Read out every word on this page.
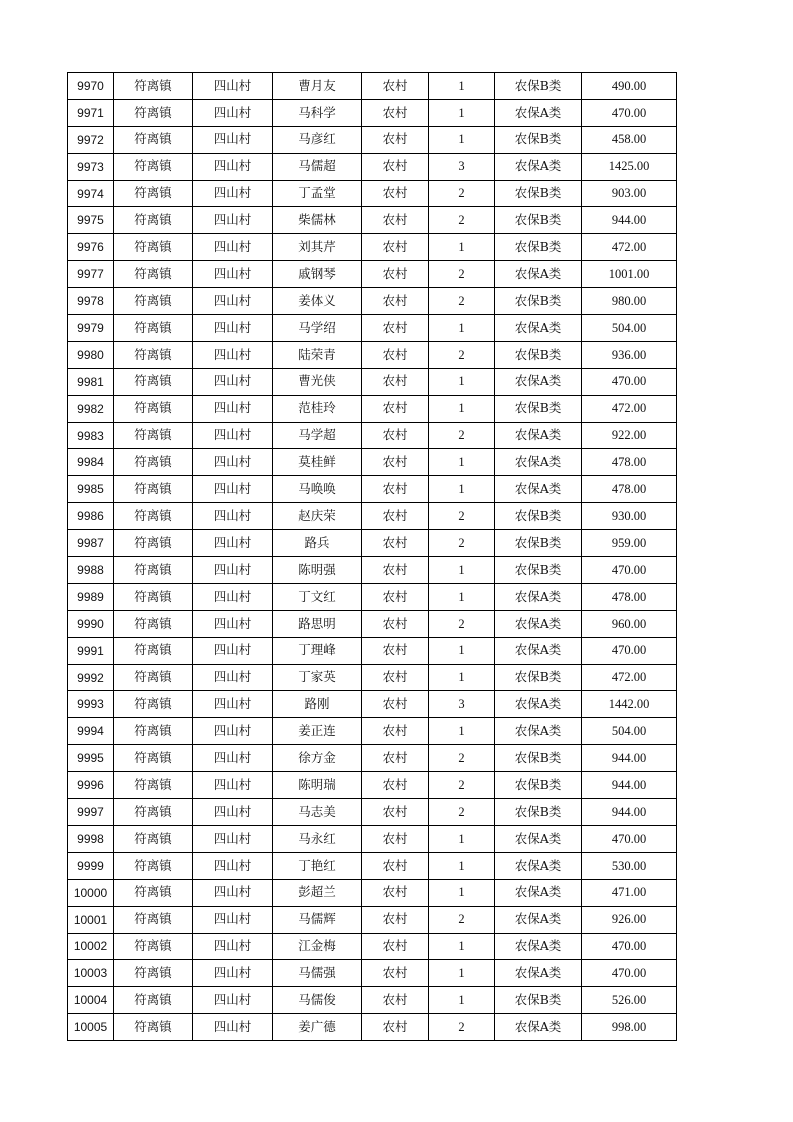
9970	符离镇	四山村	曹月友	农村	1	农保B类	490.00
9971	符离镇	四山村	马科学	农村	1	农保A类	470.00
9972	符离镇	四山村	马彦红	农村	1	农保B类	458.00
9973	符离镇	四山村	马儒超	农村	3	农保A类	1425.00
9974	符离镇	四山村	丁孟堂	农村	2	农保B类	903.00
9975	符离镇	四山村	柴儒林	农村	2	农保B类	944.00
9976	符离镇	四山村	刘其芹	农村	1	农保B类	472.00
9977	符离镇	四山村	戚钢琴	农村	2	农保A类	1001.00
9978	符离镇	四山村	姜体义	农村	2	农保B类	980.00
9979	符离镇	四山村	马学绍	农村	1	农保A类	504.00
9980	符离镇	四山村	陆荣青	农村	2	农保B类	936.00
9981	符离镇	四山村	曹光侠	农村	1	农保A类	470.00
9982	符离镇	四山村	范桂玲	农村	1	农保B类	472.00
9983	符离镇	四山村	马学超	农村	2	农保A类	922.00
9984	符离镇	四山村	莫桂鲜	农村	1	农保A类	478.00
9985	符离镇	四山村	马唤唤	农村	1	农保A类	478.00
9986	符离镇	四山村	赵庆荣	农村	2	农保B类	930.00
9987	符离镇	四山村	路兵	农村	2	农保B类	959.00
9988	符离镇	四山村	陈明强	农村	1	农保B类	470.00
9989	符离镇	四山村	丁文红	农村	1	农保A类	478.00
9990	符离镇	四山村	路思明	农村	2	农保A类	960.00
9991	符离镇	四山村	丁理峰	农村	1	农保A类	470.00
9992	符离镇	四山村	丁家英	农村	1	农保B类	472.00
9993	符离镇	四山村	路刚	农村	3	农保A类	1442.00
9994	符离镇	四山村	姜正连	农村	1	农保A类	504.00
9995	符离镇	四山村	徐方金	农村	2	农保B类	944.00
9996	符离镇	四山村	陈明瑞	农村	2	农保B类	944.00
9997	符离镇	四山村	马志美	农村	2	农保B类	944.00
9998	符离镇	四山村	马永红	农村	1	农保A类	470.00
9999	符离镇	四山村	丁艳红	农村	1	农保A类	530.00
10000	符离镇	四山村	彭超兰	农村	1	农保A类	471.00
10001	符离镇	四山村	马儒辉	农村	2	农保A类	926.00
10002	符离镇	四山村	江金梅	农村	1	农保A类	470.00
10003	符离镇	四山村	马儒强	农村	1	农保A类	470.00
10004	符离镇	四山村	马儒俊	农村	1	农保B类	526.00
10005	符离镇	四山村	姜广德	农村	2	农保A类	998.00
